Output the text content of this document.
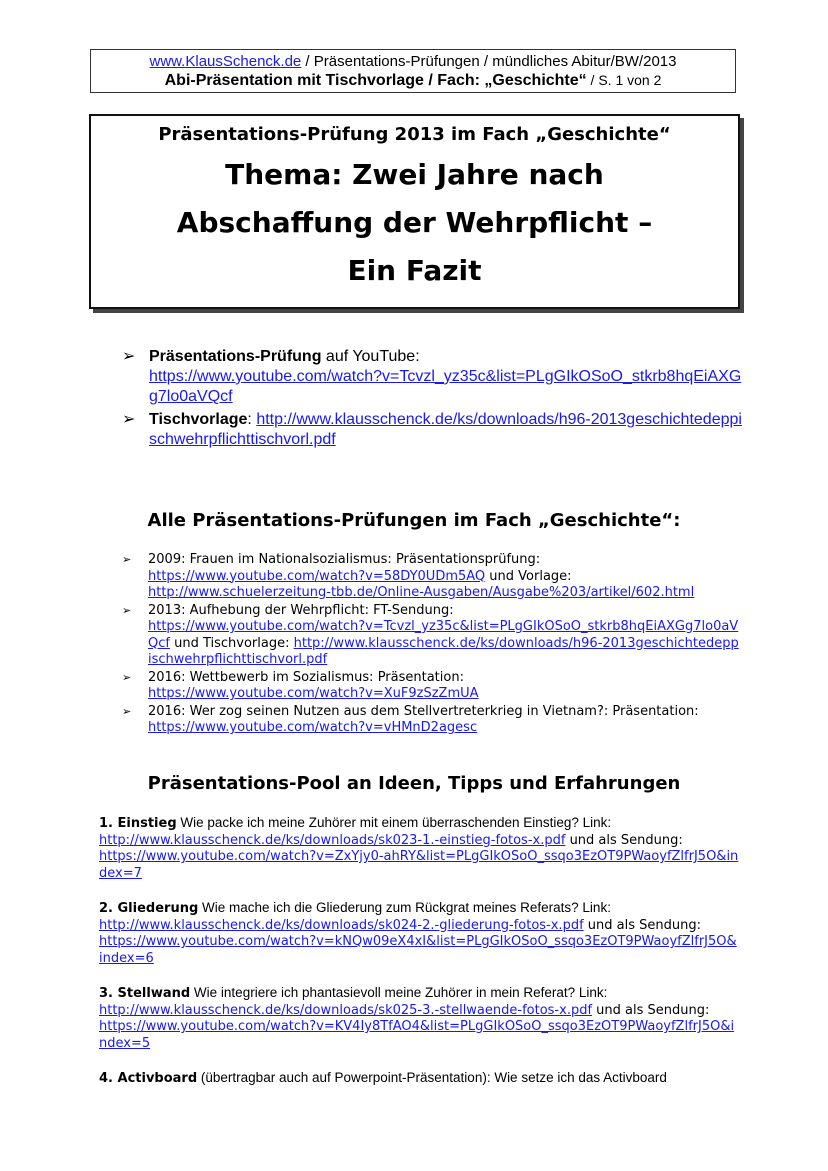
www.KlausSchenck.de / Präsentations-Prüfungen / mündliches Abitur/BW/2013
Abi-Präsentation mit Tischvorlage / Fach: „Geschichte“ / S. 1 von 2
Präsentations-Prüfung 2013 im Fach „Geschichte“
Thema: Zwei Jahre nach
Abschaffung der Wehrpflicht –
Ein Fazit
➢ Präsentations-Prüfung auf YouTube:
https://www.youtube.com/watch?v=Tcvzl_yz35c&list=PLgGIkOSoO_stkrb8hqEiAXGg7lo0aVQcf
➢ Tischvorlage: http://www.klausschenck.de/ks/downloads/h96-2013geschichtedeppischwehrpflichttischvorl.pdf
Alle Präsentations-Prüfungen im Fach „Geschichte“:
➢ 2009: Frauen im Nationalsozialismus: Präsentationsprüfung:
https://www.youtube.com/watch?v=58DY0UDm5AQ und Vorlage:
http://www.schuelerzeitung-tbb.de/Online-Ausgaben/Ausgabe%203/artikel/602.html
➢ 2013: Aufhebung der Wehrpflicht: FT-Sendung:
https://www.youtube.com/watch?v=Tcvzl_yz35c&list=PLgGIkOSoO_stkrb8hqEiAXGg7lo0aVQcf und Tischvorlage: http://www.klausschenck.de/ks/downloads/h96-2013geschichtedeppischwehrpflichttischvorl.pdf
➢ 2016: Wettbewerb im Sozialismus: Präsentation:
https://www.youtube.com/watch?v=XuF9zSzZmUA
➢ 2016: Wer zog seinen Nutzen aus dem Stellvertreterkrieg in Vietnam?: Präsentation:
https://www.youtube.com/watch?v=vHMnD2agesc
Präsentations-Pool an Ideen, Tipps und Erfahrungen
1. Einstieg Wie packe ich meine Zuhörer mit einem überraschenden Einstieg? Link:
http://www.klausschenck.de/ks/downloads/sk023-1.-einstieg-fotos-x.pdf und als Sendung:
https://www.youtube.com/watch?v=ZxYjy0-ahRY&list=PLgGIkOSoO_ssqo3EzOT9PWaoyfZlfrJ5O&index=7
2. Gliederung Wie mache ich die Gliederung zum Rückgrat meines Referats? Link:
http://www.klausschenck.de/ks/downloads/sk024-2.-gliederung-fotos-x.pdf und als Sendung:
https://www.youtube.com/watch?v=kNQw09eX4xI&list=PLgGIkOSoO_ssqo3EzOT9PWaoyfZlfrJ5O&index=6
3. Stellwand Wie integriere ich phantasievoll meine Zuhörer in mein Referat? Link:
http://www.klausschenck.de/ks/downloads/sk025-3.-stellwaende-fotos-x.pdf und als Sendung:
https://www.youtube.com/watch?v=KV4Iy8TfAO4&list=PLgGIkOSoO_ssqo3EzOT9PWaoyfZlfrJ5O&index=5
4. Activboard (übertragbar auch auf Powerpoint-Präsentation): Wie setze ich das Activboard
